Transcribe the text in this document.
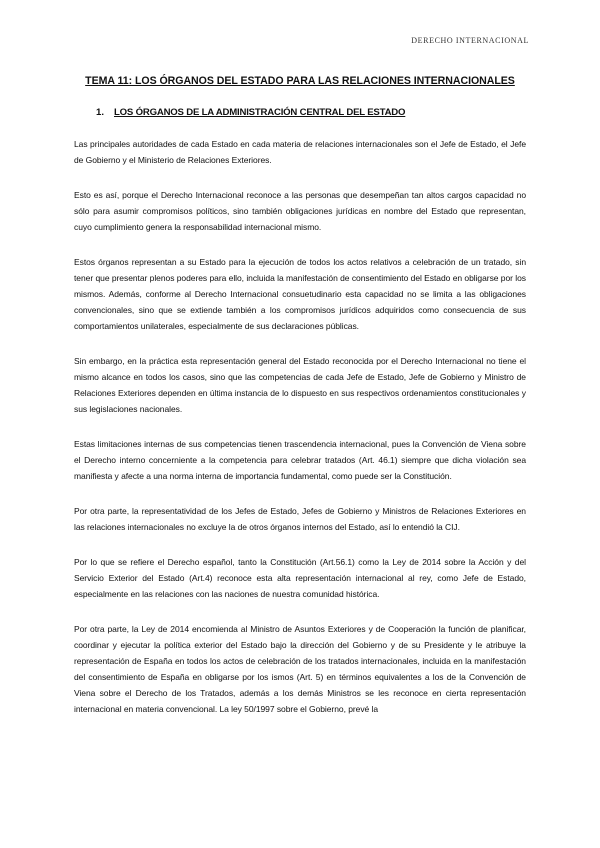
DERECHO INTERNACIONAL
TEMA 11: LOS ÓRGANOS DEL ESTADO PARA LAS RELACIONES INTERNACIONALES
1. LOS ÓRGANOS DE LA ADMINISTRACIÓN CENTRAL DEL ESTADO

Las principales autoridades de cada Estado en cada materia de relaciones internacionales son el Jefe de Estado, el Jefe de Gobierno y el Ministerio de Relaciones Exteriores.

Esto es así, porque el Derecho Internacional reconoce a las personas que desempeñan tan altos cargos capacidad no sólo para asumir compromisos políticos, sino también obligaciones jurídicas en nombre del Estado que representan, cuyo cumplimiento genera la responsabilidad internacional mismo.

Estos órganos representan a su Estado para la ejecución de todos los actos relativos a celebración de un tratado, sin tener que presentar plenos poderes para ello, incluida la manifestación de consentimiento del Estado en obligarse por los mismos. Además, conforme al Derecho Internacional consuetudinario esta capacidad no se limita a las obligaciones convencionales, sino que se extiende también a los compromisos jurídicos adquiridos como consecuencia de sus comportamientos unilaterales, especialmente de sus declaraciones públicas.

Sin embargo, en la práctica esta representación general del Estado reconocida por el Derecho Internacional no tiene el mismo alcance en todos los casos, sino que las competencias de cada Jefe de Estado, Jefe de Gobierno y Ministro de Relaciones Exteriores dependen en última instancia de lo dispuesto en sus respectivos ordenamientos constitucionales y sus legislaciones nacionales.

Estas limitaciones internas de sus competencias tienen trascendencia internacional, pues la Convención de Viena sobre el Derecho interno concerniente a la competencia para celebrar tratados (Art. 46.1) siempre que dicha violación sea manifiesta y afecte a una norma interna de importancia fundamental, como puede ser la Constitución.

Por otra parte, la representatividad de los Jefes de Estado, Jefes de Gobierno y Ministros de Relaciones Exteriores en las relaciones internacionales no excluye la de otros órganos internos del Estado, así lo entendió la CIJ.

Por lo que se refiere el Derecho español, tanto la Constitución (Art.56.1) como la Ley de 2014 sobre la Acción y del Servicio Exterior del Estado (Art.4) reconoce esta alta representación internacional al rey, como Jefe de Estado, especialmente en las relaciones con las naciones de nuestra comunidad histórica.

Por otra parte, la Ley de 2014 encomienda al Ministro de Asuntos Exteriores y de Cooperación la función de planificar, coordinar y ejecutar la política exterior del Estado bajo la dirección del Gobierno y de su Presidente y le atribuye la representación de España en todos los actos de celebración de los tratados internacionales, incluida en la manifestación del consentimiento de España en obligarse por los ismos (Art. 5) en términos equivalentes a los de la Convención de Viena sobre el Derecho de los Tratados, además a los demás Ministros se les reconoce en cierta representación internacional en materia convencional. La ley 50/1997 sobre el Gobierno, prevé la
